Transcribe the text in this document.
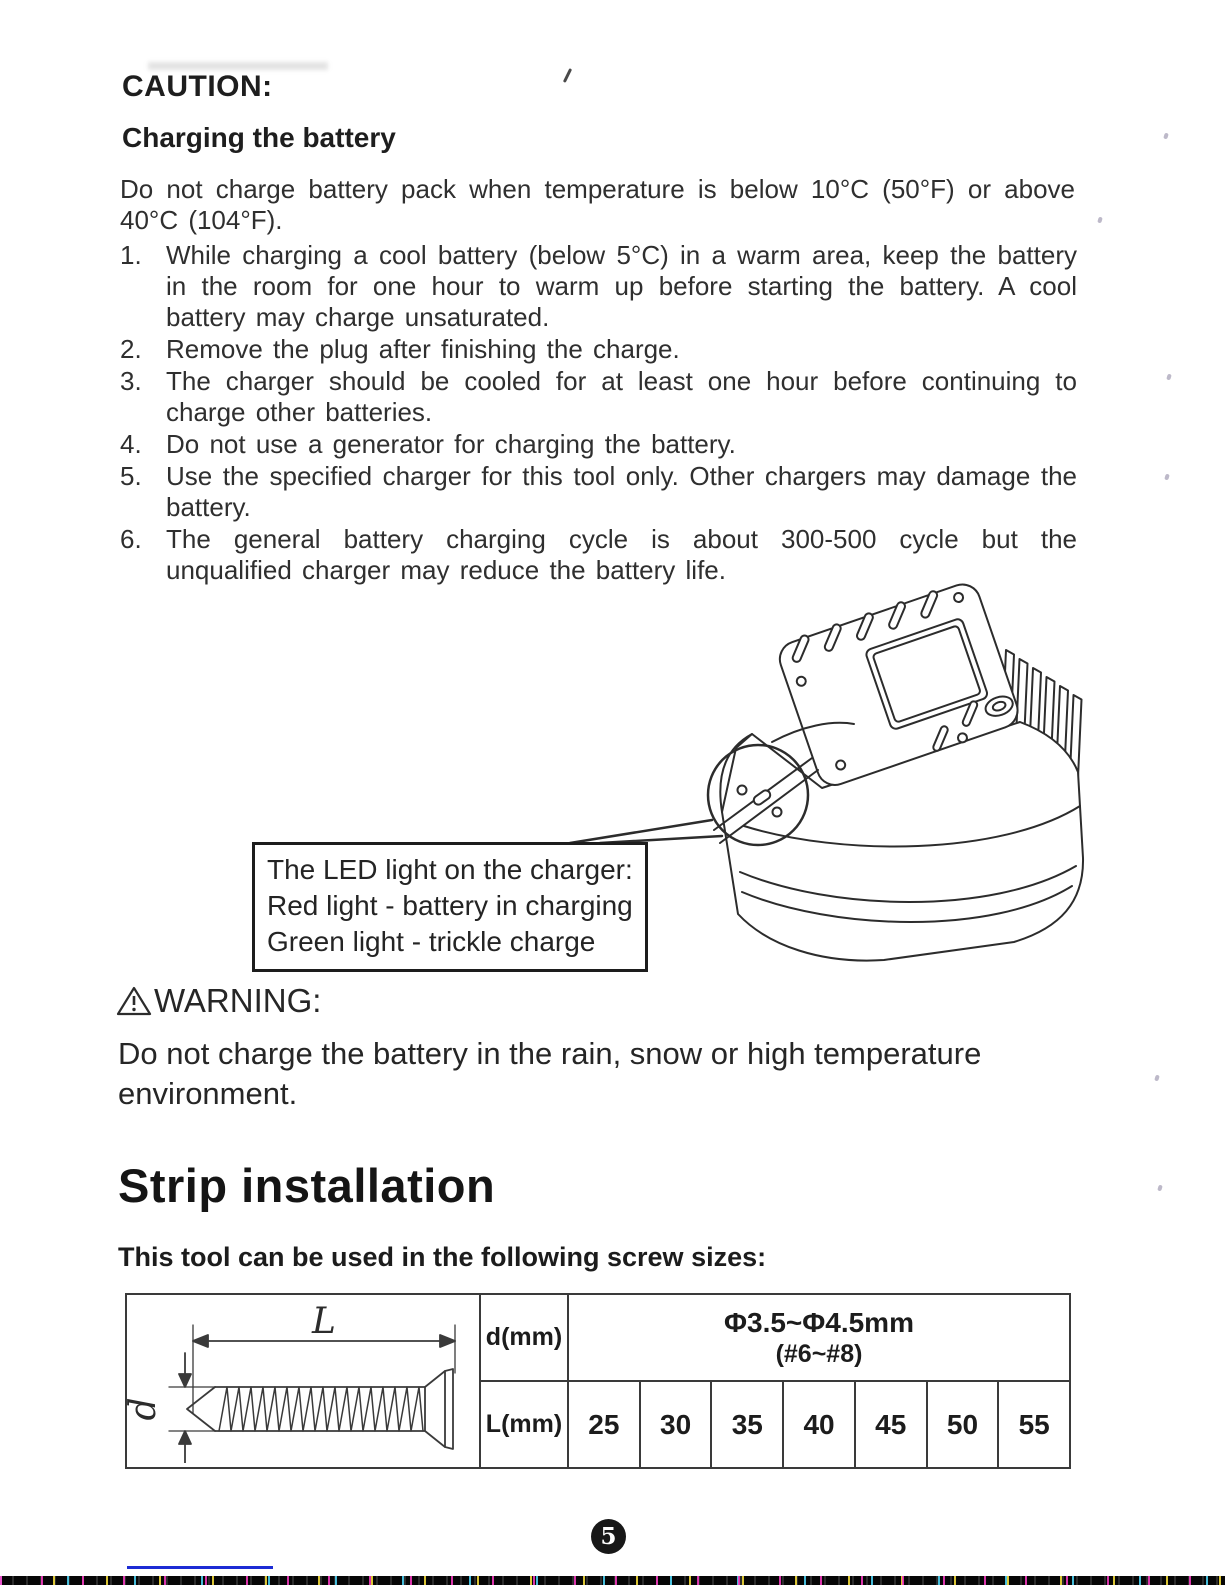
CAUTION:
Charging the battery
Do not charge battery pack when temperature is below 10°C (50°F) or above 40°C (104°F).
1. While charging a cool battery (below 5°C) in a warm area, keep the battery in the room for one hour to warm up before starting the battery. A cool battery may charge unsaturated.
2. Remove the plug after finishing the charge.
3. The charger should be cooled for at least one hour before continuing to charge other batteries.
4. Do not use a generator for charging the battery.
5. Use the specified charger for this tool only. Other chargers may damage the battery.
6. The general battery charging cycle is about 300-500 cycle but the unqualified charger may reduce the battery life.
The LED light on the charger:
Red light - battery in charging
Green light - trickle charge
WARNING:
Do not charge the battery in the rain, snow or high temperature environment.
Strip installation
This tool can be used in the following screw sizes:
L
d
d(mm)	Φ3.5~Φ4.5mm
(#6~#8)
L(mm) 25	30	35	40	45	50	55
5
